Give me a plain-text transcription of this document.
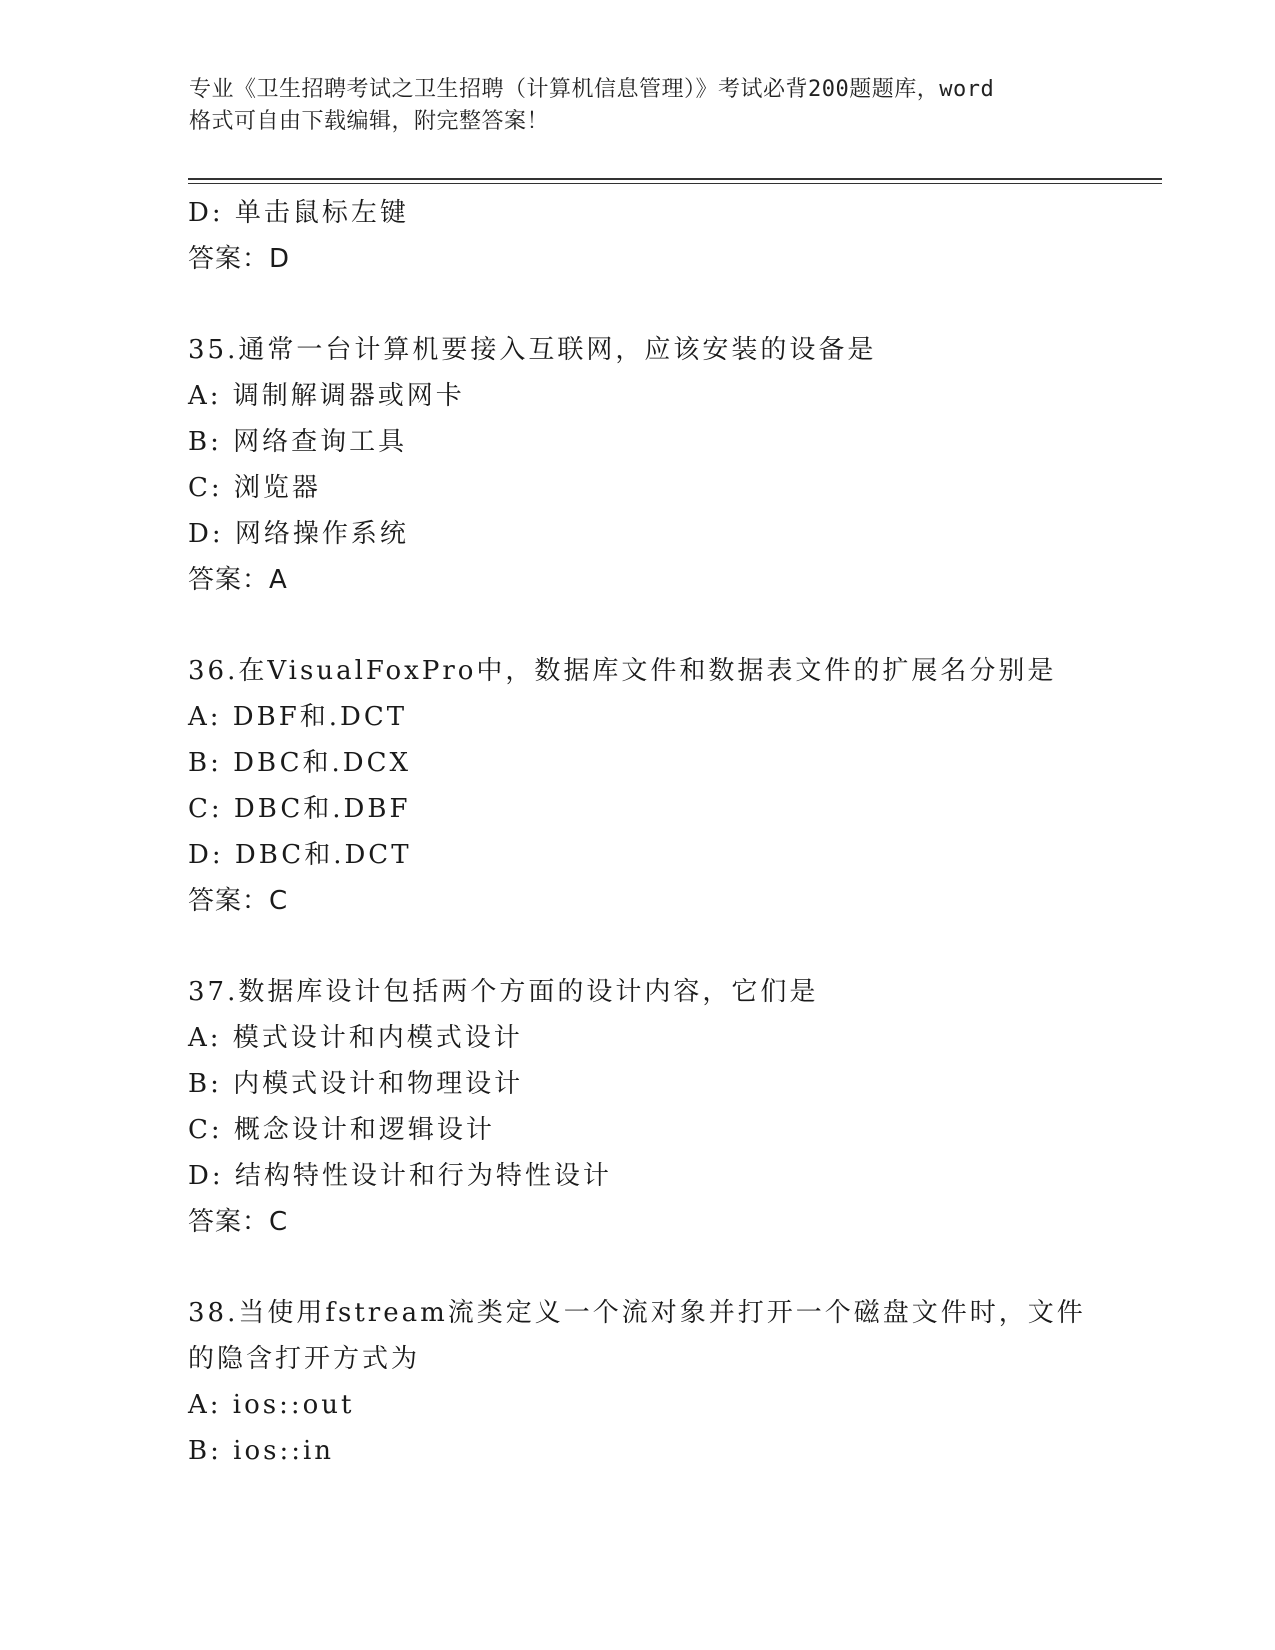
专业《卫生招聘考试之卫生招聘（计算机信息管理）》考试必背200题题库，word

格式可自由下载编辑，附完整答案！

D: 单击鼠标左键

答案：D

35.通常一台计算机要接入互联网，应该安装的设备是

A: 调制解调器或网卡

B: 网络查询工具

C: 浏览器

D: 网络操作系统

答案：A

36.在VisualFoxPro中，数据库文件和数据表文件的扩展名分别是

A: DBF和.DCT

B: DBC和.DCX

C: DBC和.DBF

D: DBC和.DCT

答案：C

37.数据库设计包括两个方面的设计内容，它们是

A: 模式设计和内模式设计

B: 内模式设计和物理设计

C: 概念设计和逻辑设计

D: 结构特性设计和行为特性设计

答案：C

38.当使用fstream流类定义一个流对象并打开一个磁盘文件时，文件

的隐含打开方式为

A: ios::out

B: ios::in
